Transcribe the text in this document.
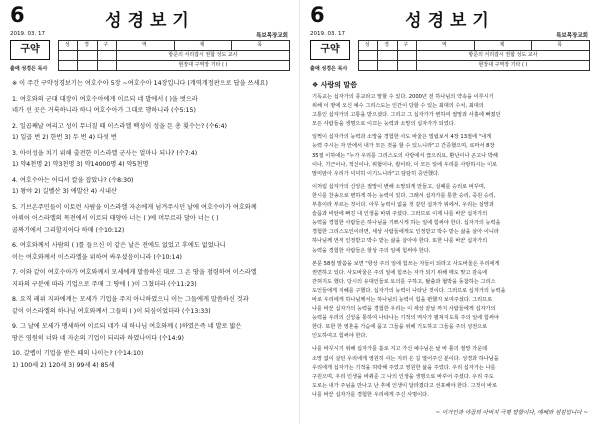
6	성경보기
2019. 03. 17	특보목장교회
구약
출애 성경은 목사
성	경	구	역	제	목
			항준의 서리잡시 권합 성도 교사		
			현장대 구역장 기타 ( )		
※ 이 주간 구약성경보기는 여호수아 5장 ~여호수아 14장입니다 (개역개정판으로 답을 쓰세요)
1. 여호와의 군대 대장이 여호수아에게 이르되 네 발에서 ( )을 벗으라
네가 선 곳은 거룩하니라 하니 여호수아가 그대로 행하니라 (수5:15)
2. 일곱째날 여리고 성이 무너질 때 이스라엘 백성이 성을 돈 총 횟수는? (수6:4)
1) 일곱 번 2) 한번 3) 두 번 4) 다섯 번
3. 아이성을 치기 위해 출전한 이스라엘 군사는 얼마나 되나? (수7:4)
1) 약4천명 2) 약3천명 3) 약14000명 4) 약5천명
4. 여호수아는 어디서 칼을 잡았나? (수8:30)
1) 왕야 2) 길벨산 3) 에발산 4) 시내산
5. 기브온주민들이 이토런 사람을 이스라엘 자손에게 넘겨주시던 날에 여호수아가 여호와께
아뢰어 이스라엘의 목전에서 이르되 태양아 너는 ( )에 머무르라 달아 너는 ( )
골짜기에서 그리할지어다 하매 (수10:12)
6. 여호와께서 사람의 ( )를 들으신 이 같은 날은 전에도 없었고 후에도 없었나니
이는 여호와께서 이스라엘을 위하여 싸우셨음이니라 (수10:14)
7. 이와 같이 여호수아가 여호와께서 모세에게 말씀하신 대로 그 온 땅을 점령하여 이스라엘
지파의 구분에 따라 기업으로 주매 그 땅에 ( )이 그쳤더라 (수11:23)
8. 요직 레위 지파에게는 모세가 기업을 주지 아니하였으니 이는 그들에게 말씀하신 것과
같이 이스라엘의 하나님 여호와께서 그들의 ( )이 되심이었더라 (수13:33)
9. 그 날에 모세가 맹세하여 이르되 네가 내 하나님 여호와께 ( )하였은즉 네 발로 밟은
땅은 영원히 너와 네 자손의 기업이 되리라 하였나이다 (수14:9)
10. 갈렙이 기업을 받은 때의 나이는? (수14:10)
1) 100세 2) 120세 3) 99세 4) 85세
6	성경보기
2019. 03. 17	특보목장교회
구약
출애 성경은 목사
성	경	구	역	제	목
			항준의 서리잡시 권합 성도 교사		
			현장대 구역장 기타 ( )		
❖ 사랑의 말씀
기독교는 십자가의 종교라고 말할 수 있다. 2000년 전 하나님의 약속을 이루시기
위해 이 땅에 오신 예수 그리스도는 인간이 당할 수 있는 최대의 수치, 최대의
고통인 십자가의 고통을 받으셨다. 그리고 그 십자가가 변하여 절망과 사흘에 빠졌던
모든 사람들을 생명으로 이끄는 능력과 소망의 십자가가 되었다.
일찍이 십자가의 능력과 소망을 경험한 사도 바울은 빌립보서 4장 13절에 "내게
능력 주시는 자 안에서 내가 모든 것을 할 수 있느니라"고 간증했으며, 로마서 8장
35절 이하에는 "누가 우리를 그리스도의 사랑에서 끊으리요, 환난이나 곤고나 박해
이나, 기근이나, 적신이나, 위협이나, 칼이라, 이 모든 일에 우리를 사랑하시는 이로
말미암아 우리가 넉넉히 이기느니라"고 담담히 증언했다.
이처럼 십자가의 신앙은 절망이 변해 소망되게 만들고, 실패를 승리로 바꾸며,
한시를 찬송으로 변하게 하는 능력이 있다. 그래서 십자가를 통한 승리, 죽원 승리,
부흥이라 부르는 것이다. 아무 능력이 없을 것 같던 십자가 위에서, 우리는 실망과
슬픔과 비탄에 빠진 내 인생을 바꿔 주셨다. 그러므로 이제 나를 바꾼 십자가의
능력을 경험한 사람들은 하나님을 기쁘시게 하는 일에 힘써야 한다. 십자가의 능력을
경험한 그리스도인이라면, 세상 사람들에게도 인정받고 박수 받는 삶을 살아 이니라
하나님께 먼저 인정받고 박수 받는 삶을 살아야 한다. 또한 나를 바꾼 십자가의
능력을 경험한 사람들은 항상 주의 일에 힘써야 한다.
본문 58절 말씀을 보면 "항상 주의 일에 힘쓰는 자들이 되라고 사도바울은 우리에게
권면하고 있다. 사도바울은 주의 일에 힘쓰는 자가 되기 위해 매도 맞고 감옥에
갇혀지도 했다. 당시의 유대인들로 토의를 구하고, 탈출과 협박을 동참하는 그리스
도인들에게 지혜를 구했다. 십자가의 능력이 나타난 것이다. 그러므로 십자가의 능력을
바로 우리에게 하나님께서는 하나님의 능력이 힘을 편했지 보여주셨다. 그리므로
나를 바꾼 십자가의 능력을 경험한 우리는 이 세상 끝날 까지 사람들에게 십자가의
능력을 우리의 신앙을 통하여 나타나는 기적의 역사가 펼쳐지도록 주의 일에 힘써야
한다. 또한 한 영혼을 가슴에 품고 그들을 위해 기도하고 그들을 주의 성전으로
인도하여고 힘써야 한다.
나를 바꾸시기 위해 십자가를 홀로 지고 가신 예수님은 날 바 틀의 절망 가운데
소망 없이 살던 우리에게 영원히 사는 지러 은 길 열어주신 분이다. 성경과 하나님을
우리에게 십자가는 기적을 허락해 주었고 영원한 삶을 주었다. 우리 십자가는 나를
구원으며, 우리 인생을 바꿔준 그 나의 인생을 생명으로 바꾸어 주셨다. 우리 주도
도로는 내가 주님을 만나고 난 후에 인생이 달라졌다고 선포해야 한다. 그것이 바로
나를 바꾼 십자가를 경험한 우리에게 주신 사명이다.
~ 이가인과 야곱의 아버지 극평 말함이다, 예배와 섬김입니다 ~
